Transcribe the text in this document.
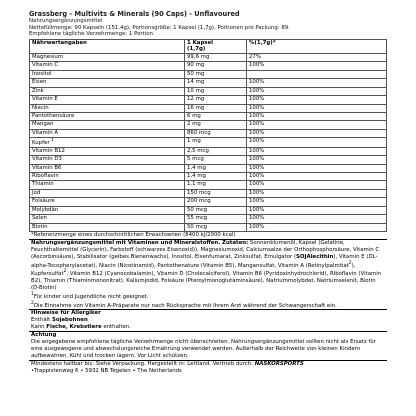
Grassberg - Multivits & Minerals (90 Caps) - Unflavoured
Nahrungsergänzungsmittel
Nettofüllmenge: 90 Kapseln (151.4g), Portionsgröße: 1 Kapsel (1,7g), Portionen pro Packung: 89.
Empfohlene tägliche Verzehrmenge: 1 Portion
Nährwertangaben	1 Kapsel
(1,7g)	%(1,7g)*
Magnesium	99,6 mg	27%
Vitamin C	90 mg	100%
Inositol	50 mg	
Eisen	14 mg	100%
Zink	10 mg	100%
Vitamin E	12 mg	100%
Niacin	16 mg	100%
Pantothensäure	6 mg	100%
Mangan	2 mg	100%
Vitamin A	860 mcg	100%
Kupfer $^1$	1 mg	100%
Vitamin B12	2,5 mcg	100%
Vitamin D3	5 mcg	100%
Vitamin B6	1,4 mg	100%
Riboflavin	1,4 mg	100%
Thiamin	1,1 mg	100%
Jod	150 mcg	100%
Folsäure	200 mcg	100%
Molybdän	50 mcg	100%
Selen	55 mcg	100%
Biotin	50 mcg	100%
*Referenzmenge eines durchschnittlichen Erwachsenen (8400 kJ/2000 kcal)
Nahrungsergänzungsmittel mit Vitaminen und Mineralstoffen. Zutaten: Sonnenblumenöl, Kapsel (Gelatine, Feuchthaltemittel (Glycerin), Farbstoff (schwarzes Eisenoxid)), Magnesiumoxid, Calciumsalze der Orthophosphorsäure, Vitamin C (Ascorbinsäure), Stabilisator (gelbes Bienenwachs), Inositol, Eisenfumarat, Zinksulfat, Emulgator (SOJAlecithin), Vitamin E (DL-alpha-Tocopherylacetat), Niacin (Nicotinamid), Pantothenature (Vitamin B5), Mangansulfat, Vitamin A (Retinylpalmitat$^2$), Kupfersulfat$^2$, Vitamin B12 (Cyanocobalamin), Vitamin D (Cholecalciferol), Vitamin B6 (Pyridoxinhydrochlorid), Riboflavin (Vitamin B2), Thiamin (Thiaminmononitrat), Kaliumjodid, Folsäure (Pteroylmonoglutaminsäure), Natriummolybdat, Natriumselenit, Biotin (D-Biotin)
$^1$Für kinder und Jugendliche nicht geeignet.
$^2$Die Einnahme von Vitamin A-Präparate nur nach Rücksprache mit Ihrem Arzt während der Schwangerschaft ein.
Hinweise für Allergiker
Enthält Sojabohnen
Kann Fische, Krebstiere enthalten.
Achtung
Die angegebene empfohlene tägliche Verzehrmenge nicht überschreiten. Nahrungsergänzungsmittel sollten nicht als Ersatz für eine ausgewogene und abwechslungsreiche Ernährung verwendet werden. Außerhalb der Reichweite von kleinen Kindern aufbewahren. Kühl und trocken lagern. Vor Licht schützen.
Mindestens haltbar bis: Siehe Verpackung. Hergestellt in: Lettland. Vertrieb durch: NASKORSPORTS
•Trappistenweg 6 • 5932 NB Tegelen • The Netherlands
